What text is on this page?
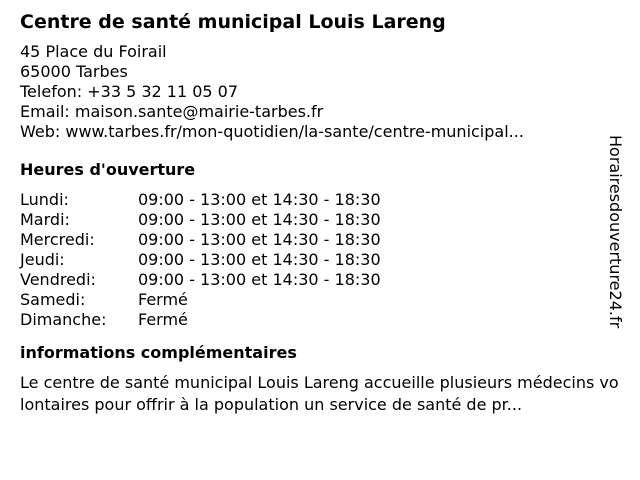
Centre de santé municipal Louis Lareng
45 Place du Foirail
65000 Tarbes
Telefon: +33 5 32 11 05 07
Email: maison.sante@mairie-tarbes.fr
Web: www.tarbes.fr/mon-quotidien/la-sante/centre-municipal...
Heures d'ouverture
Lundi:	09:00 - 13:00 et 14:30 - 18:30
Mardi:	09:00 - 13:00 et 14:30 - 18:30
Mercredi:	09:00 - 13:00 et 14:30 - 18:30
Jeudi:	09:00 - 13:00 et 14:30 - 18:30
Vendredi:	09:00 - 13:00 et 14:30 - 18:30
Samedi:	Fermé
Dimanche:	Fermé
informations complémentaires
Le centre de santé municipal Louis Lareng accueille plusieurs médecins volontaires pour offrir à la population un service de santé de pr...
Horairesdouverture24.fr
